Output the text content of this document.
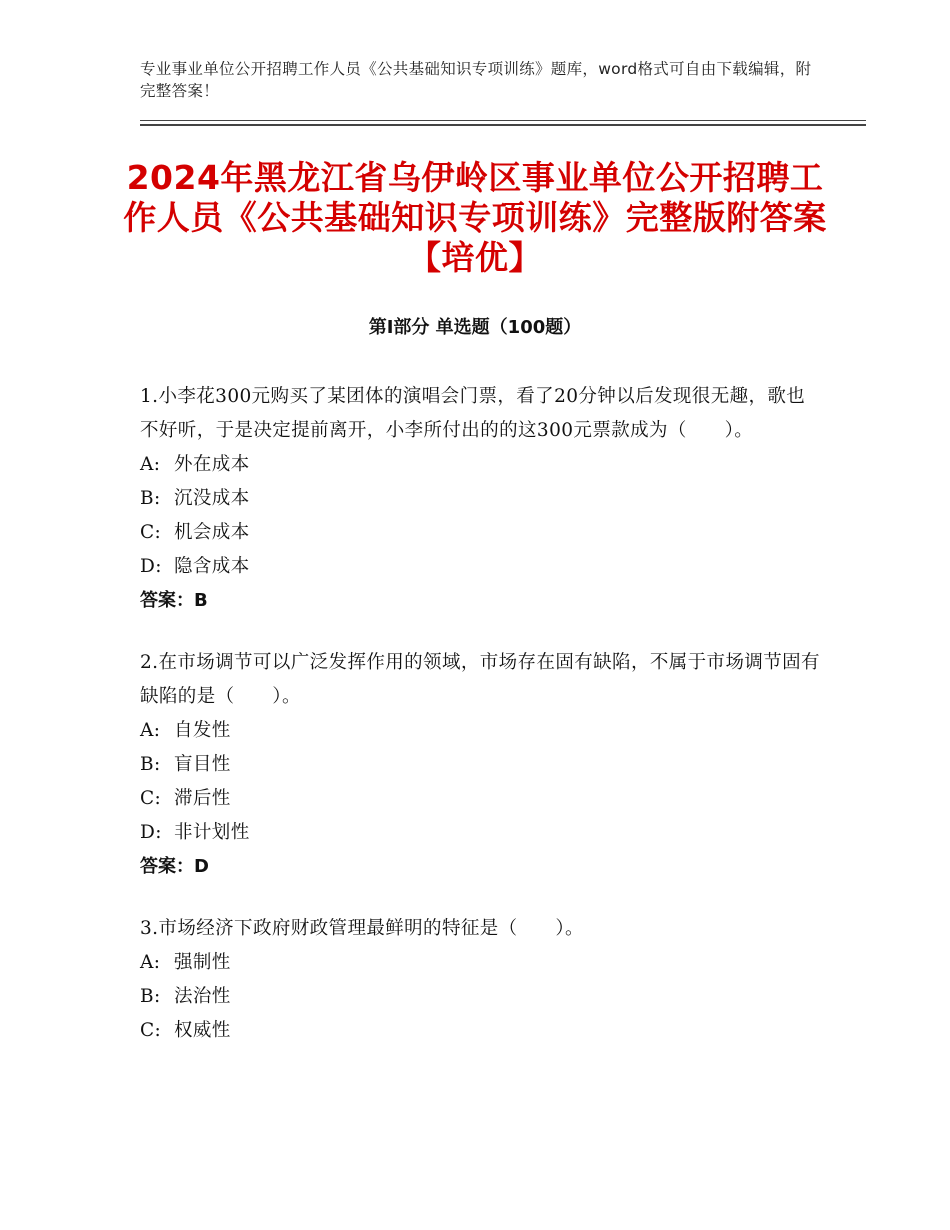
专业事业单位公开招聘工作人员《公共基础知识专项训练》题库，word格式可自由下载编辑，附完整答案！
2024年黑龙江省乌伊岭区事业单位公开招聘工作人员《公共基础知识专项训练》完整版附答案【培优】
第Ⅰ部分 单选题（100题）

1.小李花300元购买了某团体的演唱会门票，看了20分钟以后发现很无趣，歌也不好听，于是决定提前离开，小李所付出的的这300元票款成为（　　）。

A: 外在成本

B: 沉没成本

C: 机会成本

D: 隐含成本

答案：B

2.在市场调节可以广泛发挥作用的领域，市场存在固有缺陷，不属于市场调节固有缺陷的是（　　）。

A: 自发性

B: 盲目性

C: 滞后性

D: 非计划性

答案：D

3.市场经济下政府财政管理最鲜明的特征是（　　）。

A: 强制性

B: 法治性

C: 权威性
